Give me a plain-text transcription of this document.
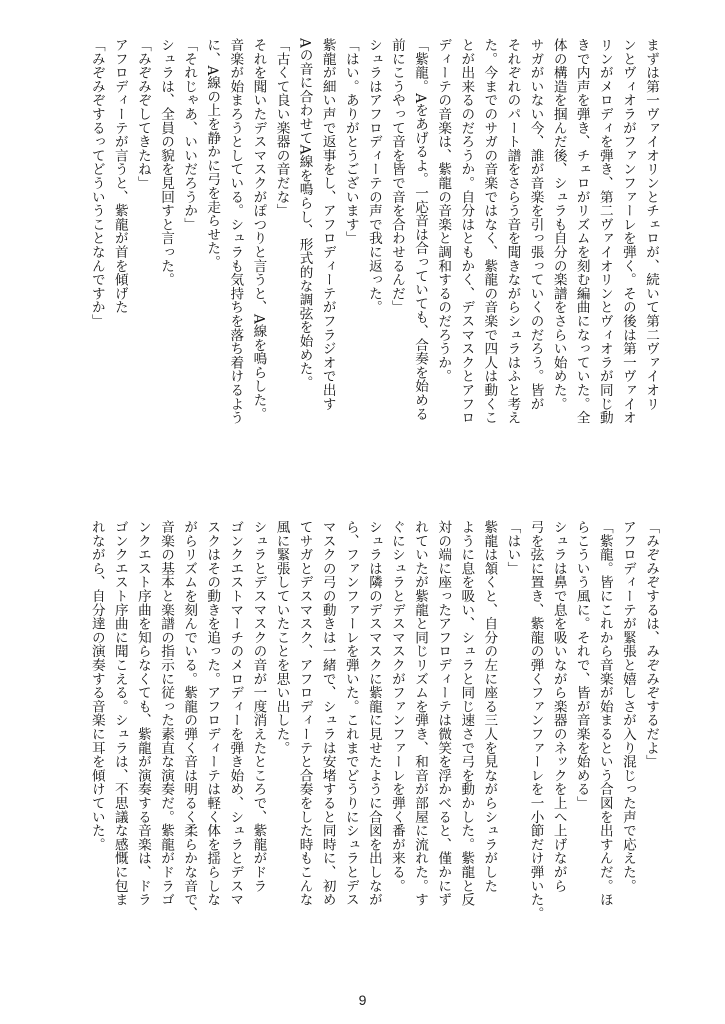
まずは第一ヴァイオリンとチェロが、続いて第二ヴァイオリ
ンとヴィオラがファンファーレを弾く。その後は第一ヴァイオ
リンがメロディを弾き、第二ヴァイオリンとヴィオラが同じ動
きで内声を弾き、チェロがリズムを刻む編曲になっていた。全
体の構造を掴んだ後、シュラも自分の楽譜をさらい始めた。
サガがいない今、誰が音楽を引っ張っていくのだろう。皆が
それぞれのパート譜をさらう音を聞きながらシュラはふと考え
た。今までのサガの音楽ではなく、紫龍の音楽で四人は動くこ
とが出来るのだろうか。自分はともかく、デスマスクとアフロ
ディーテの音楽は、紫龍の音楽と調和するのだろうか。
「紫龍。Aをあげるよ。一応音は合っていても、合奏を始める
前にこうやって音を皆で音を合わせるんだ」
シュラはアフロディーテの声で我に返った。
「はい。ありがとうございます」
紫龍が細い声で返事をし、アフロディーテがフラジオで出す
Aの音に合わせてA線を鳴らし、形式的な調弦を始めた。
「古くて良い楽器の音だな」
それを聞いたデスマスクがぽつりと言うと、A線を鳴らした。
音楽が始まろうとしている。シュラも気持ちを落ち着けるよう
に、A線の上を静かに弓を走らせた。
「それじゃあ、いいだろうか」
シュラは、全員の貌を見回すと言った。
「みぞみぞしてきたね」
アフロディーテが言うと、紫龍が首を傾げた
「みぞみぞするってどういうことなんですか」
「みぞみぞするは、みぞみぞするだよ」
アフロディーテが緊張と嬉しさが入り混じった声で応えた。
「紫龍。皆にこれから音楽が始まるという合図を出すんだ。ほ
らこういう風に。それで、皆が音楽を始める」
シュラは鼻で息を吸いながら楽器のネックを上へ上げながら
弓を弦に置き、紫龍の弾くファンファーレを一小節だけ弾いた。
「はい」
紫龍は頷くと、自分の左に座る三人を見ながらシュラがした
ように息を吸い、シュラと同じ速さで弓を動かした。紫龍と反
対の端に座ったアフロディーテは微笑を浮かべると、僅かにず
れていたが紫龍と同じリズムを弾き、和音が部屋に流れた。す
ぐにシュラとデスマスクがファンファーレを弾く番が来る。
シュラは隣のデスマスクに紫龍に見せたように合図を出しなが
ら、ファンファーレを弾いた。これまでどうりにシュラとデス
マスクの弓の動きは一緒で、シュラは安堵すると同時に、初め
てサガとデスマスク、アフロディーテと合奏をした時もこんな
風に緊張していたことを思い出した。
シュラとデスマスクの音が一度消えたところで、紫龍がドラ
ゴンクエストマーチのメロディーを弾き始め、シュラとデスマ
スクはその動きを追った。アフロディーテは軽く体を揺らしな
がらリズムを刻んでいる。紫龍の弾く音は明るく柔らかな音で、
音楽の基本と楽譜の指示に従った素直な演奏だ。紫龍がドラゴ
ンクエスト序曲を知らなくても、紫龍が演奏する音楽は、ドラ
ゴンクエスト序曲に聞こえる。シュラは、不思議な感慨に包ま
れながら、自分達の演奏する音楽に耳を傾けていた。
9
